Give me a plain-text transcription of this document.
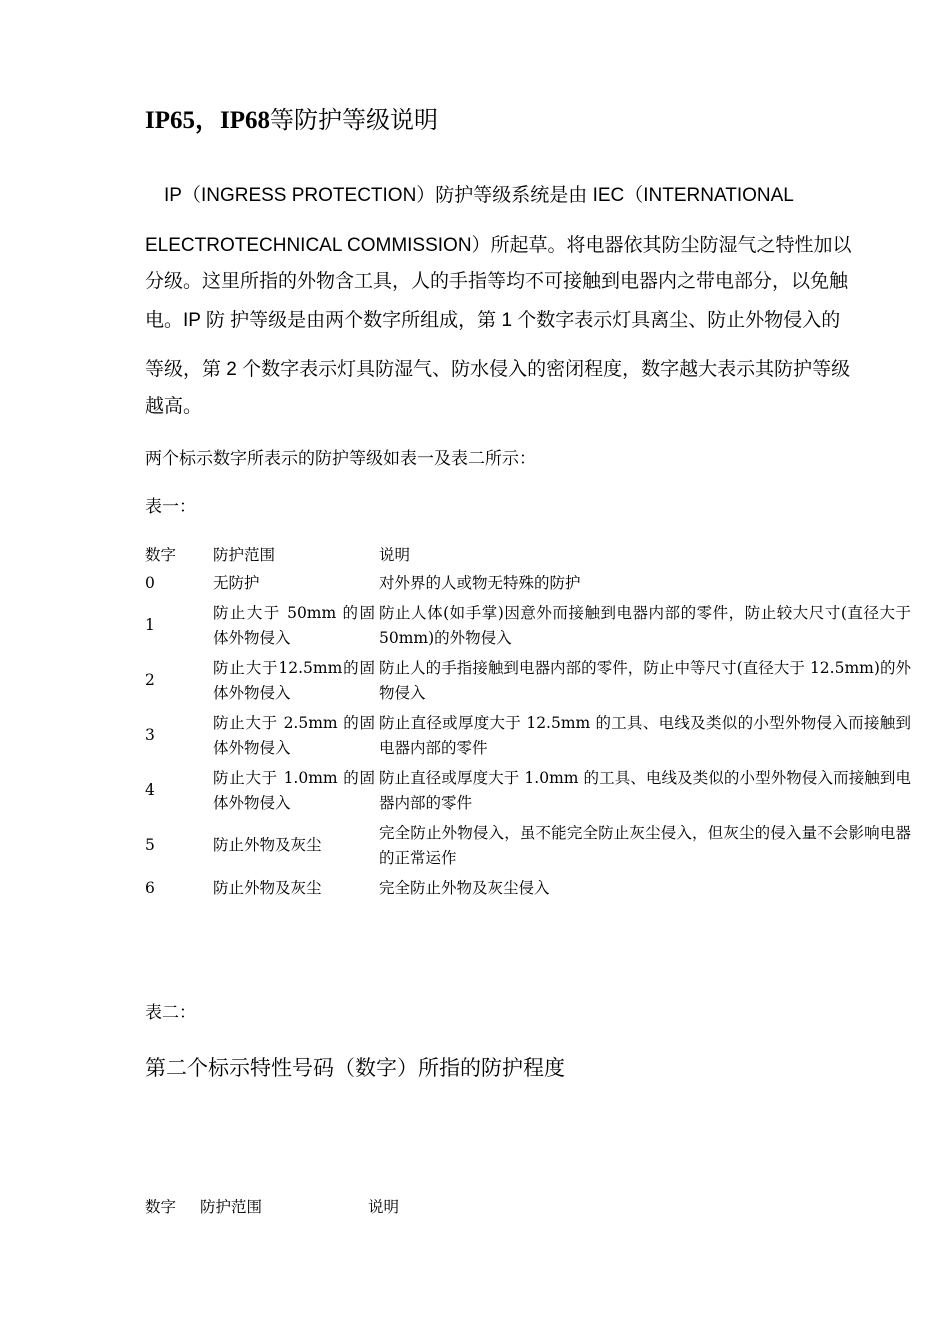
IP65，IP68等防护等级说明
IP（INGRESS PROTECTION）防护等级系统是由 IEC（INTERNATIONAL
ELECTROTECHNICAL COMMISSION）所起草。将电器依其防尘防湿气之特性加以
分级。这里所指的外物含工具，人的手指等均不可接触到电器内之带电部分，以免触
电。IP 防 护等级是由两个数字所组成，第 1 个数字表示灯具离尘、防止外物侵入的
等级，第 2 个数字表示灯具防湿气、防水侵入的密闭程度，数字越大表示其防护等级
越高。
两个标示数字所表示的防护等级如表一及表二所示：
表一：
数字	防护范围	说明
0	无防护	对外界的人或物无特殊的防护
1	防止大于 50mm 的固体外物侵入	防止人体(如手掌)因意外而接触到电器内部的零件，防止较大尺寸(直径大于 50mm)的外物侵入
2	防止大于12.5mm的固体外物侵入	防止人的手指接触到电器内部的零件，防止中等尺寸(直径大于 12.5mm)的外物侵入
3	防止大于 2.5mm 的固体外物侵入	防止直径或厚度大于 12.5mm 的工具、电线及类似的小型外物侵入而接触到电器内部的零件
4	防止大于 1.0mm 的固体外物侵入	防止直径或厚度大于 1.0mm 的工具、电线及类似的小型外物侵入而接触到电器内部的零件
5	防止外物及灰尘	完全防止外物侵入，虽不能完全防止灰尘侵入，但灰尘的侵入量不会影响电器的正常运作
6	防止外物及灰尘	完全防止外物及灰尘侵入
表二：
第二个标示特性号码（数字）所指的防护程度
数字 防护范围	说明
